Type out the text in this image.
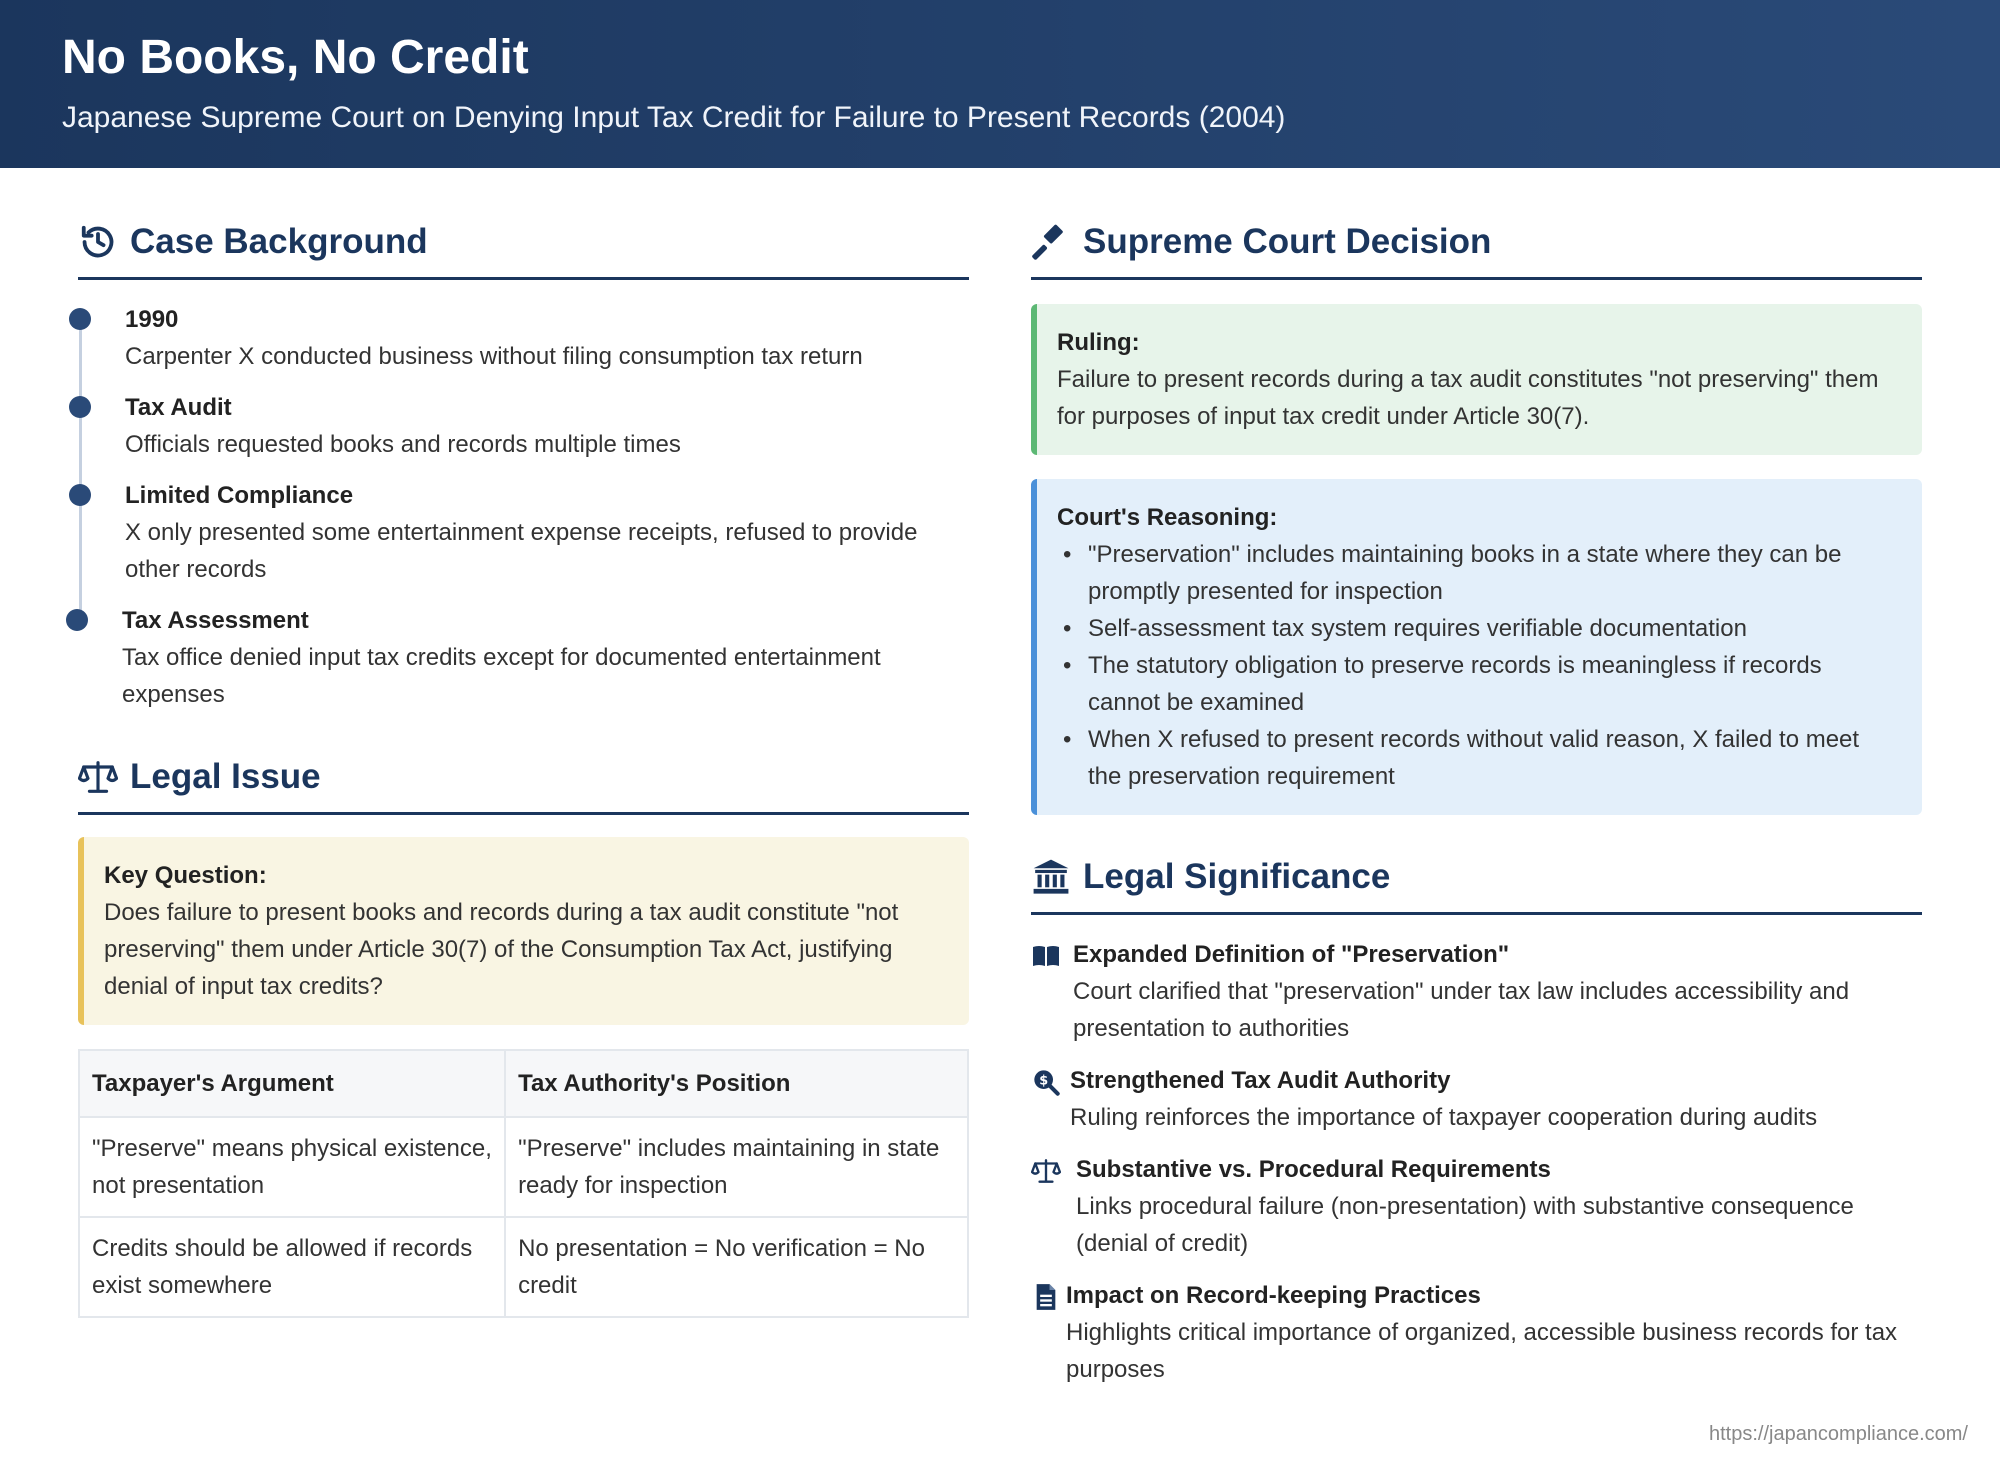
No Books, No Credit
Japanese Supreme Court on Denying Input Tax Credit for Failure to Present Records (2004)
Case Background
1990
Carpenter X conducted business without filing consumption tax return
Tax Audit
Officials requested books and records multiple times
Limited Compliance
X only presented some entertainment expense receipts, refused to provide other records
Tax Assessment
Tax office denied input tax credits except for documented entertainment expenses
Legal Issue
Key Question:
Does failure to present books and records during a tax audit constitute "not preserving" them under Article 30(7) of the Consumption Tax Act, justifying denial of input tax credits?
Taxpayer's Argument	Tax Authority's Position
"Preserve" means physical existence, not presentation	"Preserve" includes maintaining in state ready for inspection
Credits should be allowed if records exist somewhere	No presentation = No verification = No credit
Supreme Court Decision
Ruling:
Failure to present records during a tax audit constitutes "not preserving" them for purposes of input tax credit under Article 30(7).
Court's Reasoning:
• "Preservation" includes maintaining books in a state where they can be promptly presented for inspection
• Self-assessment tax system requires verifiable documentation
• The statutory obligation to preserve records is meaningless if records cannot be examined
• When X refused to present records without valid reason, X failed to meet the preservation requirement
Legal Significance
Expanded Definition of "Preservation"
Court clarified that "preservation" under tax law includes accessibility and presentation to authorities
$ Strengthened Tax Audit Authority
Ruling reinforces the importance of taxpayer cooperation during audits
Substantive vs. Procedural Requirements
Links procedural failure (non-presentation) with substantive consequence (denial of credit)
Impact on Record-keeping Practices
Highlights critical importance of organized, accessible business records for tax purposes
https://japancompliance.com/
